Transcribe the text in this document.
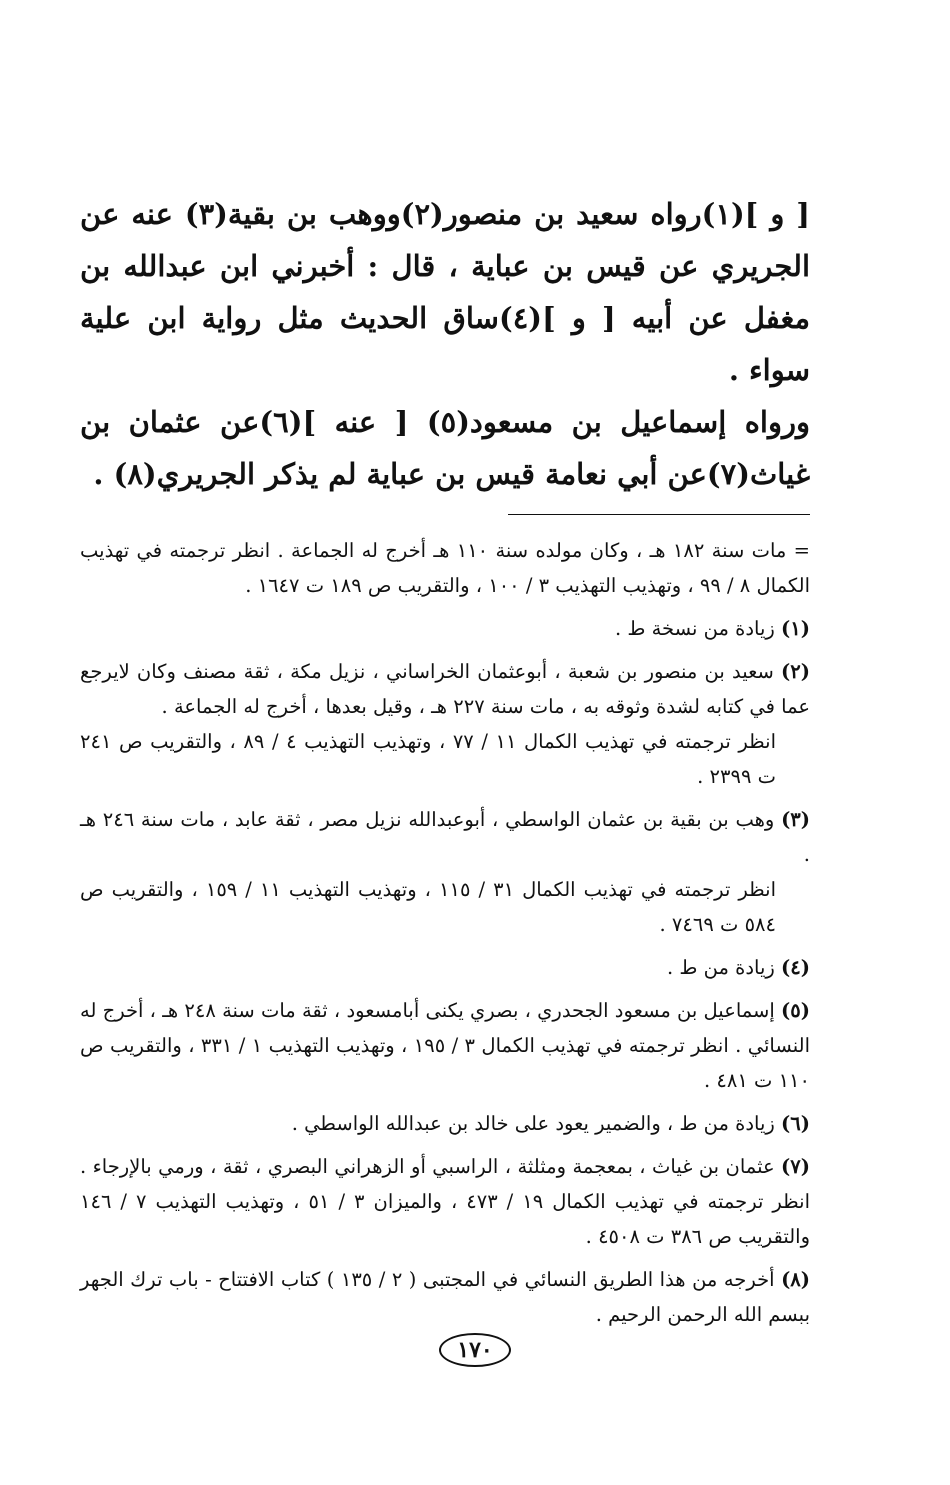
[ و ](١)رواه سعيد بن منصور(٢)ووهب بن بقية(٣) عنه عن الجريري عن قيس بن عباية ، قال : أخبرني ابن عبدالله بن مغفل عن أبيه [ و ](٤)ساق الحديث مثل رواية ابن علية سواء .

ورواه إسماعيل بن مسعود(٥) [ عنه ](٦)عن عثمان بن غياث(٧)عن أبي نعامة قيس بن عباية لم يذكر الجريري(٨) .

= مات سنة ١٨٢ هـ ، وكان مولده سنة ١١٠ هـ أخرج له الجماعة . انظر ترجمته في تهذيب الكمال ٨ / ٩٩ ، وتهذيب التهذيب ٣ / ١٠٠ ، والتقريب ص ١٨٩ ت ١٦٤٧ .

(١) زيادة من نسخة ط .

(٢) سعيد بن منصور بن شعبة ، أبوعثمان الخراساني ، نزيل مكة ، ثقة مصنف وكان لايرجع عما في كتابه لشدة وثوقه به ، مات سنة ٢٢٧ هـ ، وقيل بعدها ، أخرج له الجماعة .

انظر ترجمته في تهذيب الكمال ١١ / ٧٧ ، وتهذيب التهذيب ٤ / ٨٩ ، والتقريب ص ٢٤١ ت ٢٣٩٩ .

(٣) وهب بن بقية بن عثمان الواسطي ، أبوعبدالله نزيل مصر ، ثقة عابد ، مات سنة ٢٤٦ هـ .

انظر ترجمته في تهذيب الكمال ٣١ / ١١٥ ، وتهذيب التهذيب ١١ / ١٥٩ ، والتقريب ص ٥٨٤ ت ٧٤٦٩ .

(٤) زيادة من ط .

(٥) إسماعيل بن مسعود الجحدري ، بصري يكنى أبامسعود ، ثقة مات سنة ٢٤٨ هـ ، أخرج له النسائي . انظر ترجمته في تهذيب الكمال ٣ / ١٩٥ ، وتهذيب التهذيب ١ / ٣٣١ ، والتقريب ص ١١٠ ت ٤٨١ .

(٦) زيادة من ط ، والضمير يعود على خالد بن عبدالله الواسطي .

(٧) عثمان بن غياث ، بمعجمة ومثلثة ، الراسبي أو الزهراني البصري ، ثقة ، ورمي بالإرجاء . انظر ترجمته في تهذيب الكمال ١٩ / ٤٧٣ ، والميزان ٣ / ٥١ ، وتهذيب التهذيب ٧ / ١٤٦ والتقريب ص ٣٨٦ ت ٤٥٠٨ .

(٨) أخرجه من هذا الطريق النسائي في المجتبى ( ٢ / ١٣٥ ) كتاب الافتتاح - باب ترك الجهر ببسم الله الرحمن الرحيم .

١٧٠
